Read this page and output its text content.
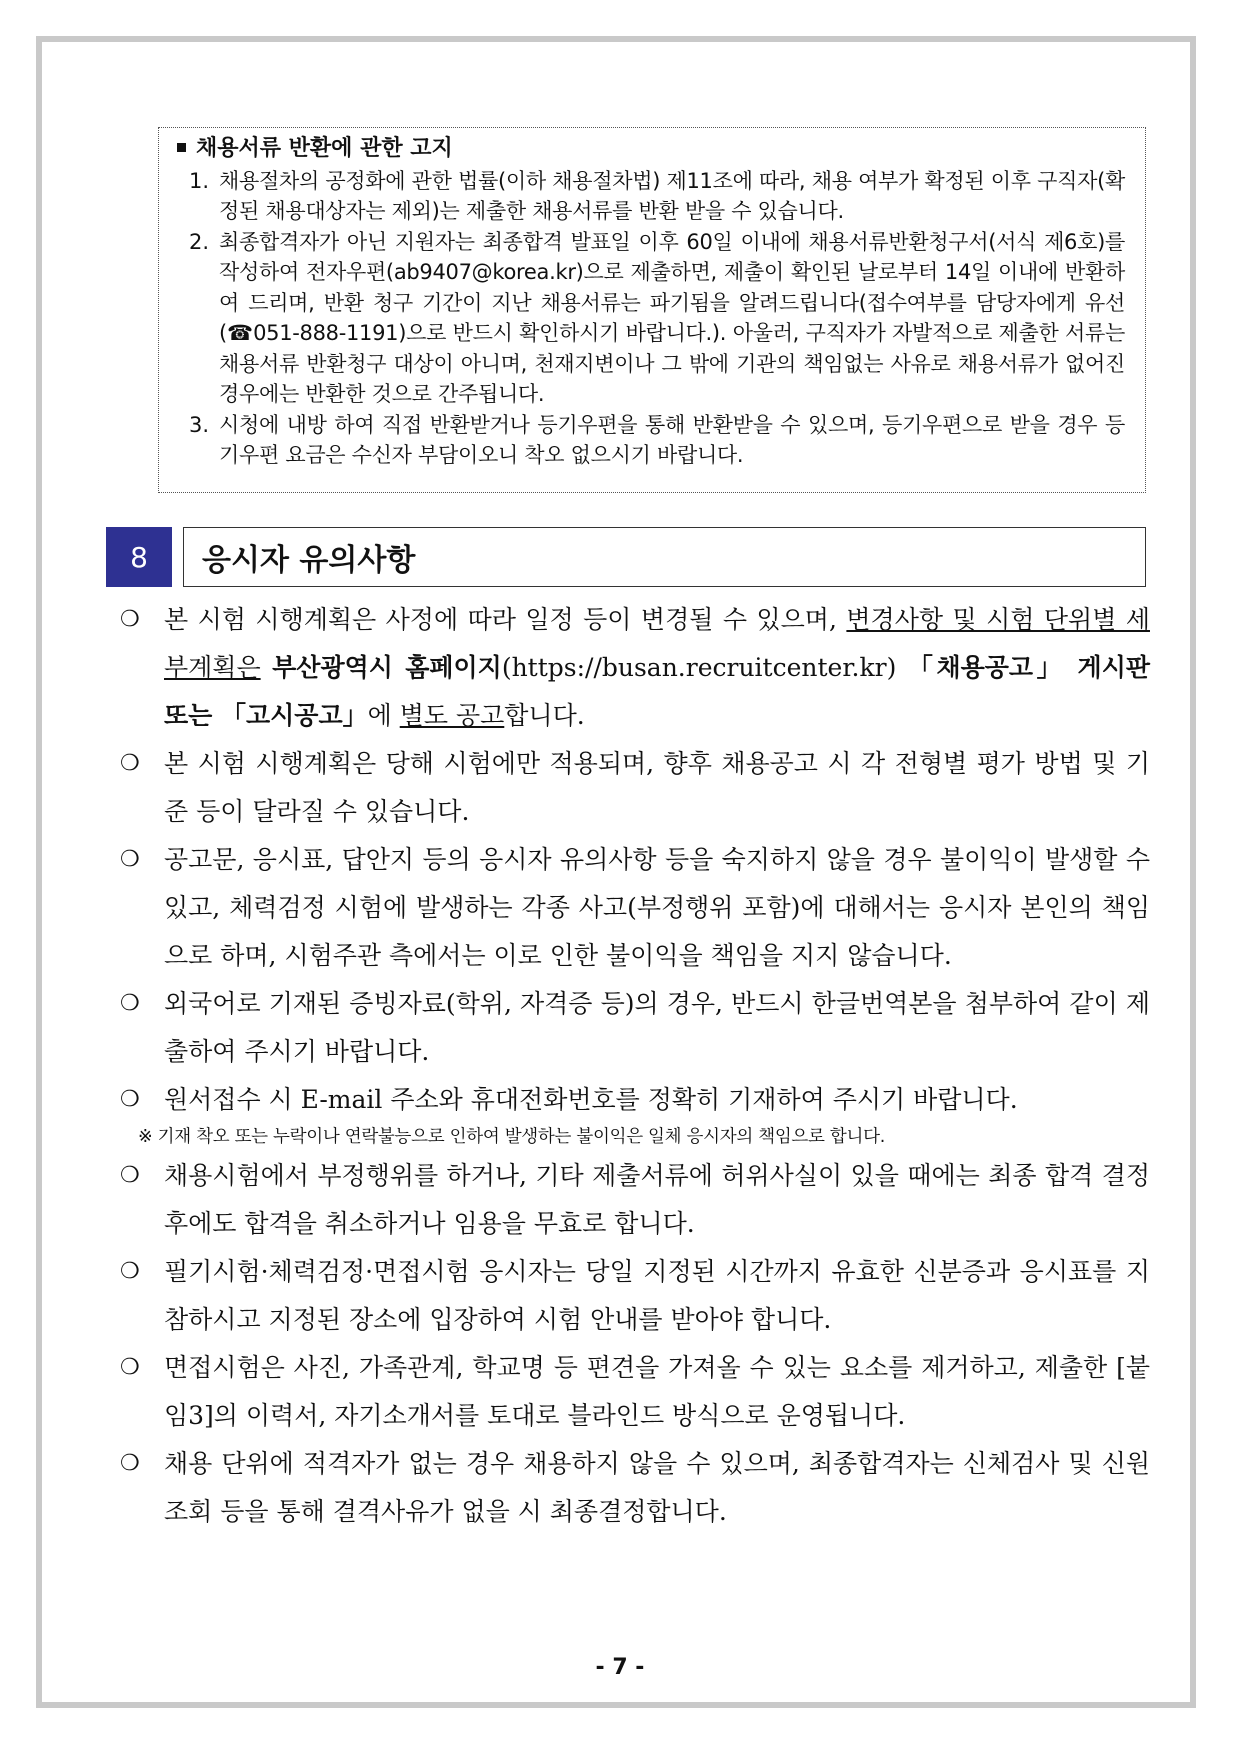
채용서류 반환에 관한 고지
1. 채용절차의 공정화에 관한 법률(이하 채용절차법) 제11조에 따라, 채용 여부가 확정된 이후 구직자(확정된 채용대상자는 제외)는 제출한 채용서류를 반환 받을 수 있습니다.
2. 최종합격자가 아닌 지원자는 최종합격 발표일 이후 60일 이내에 채용서류반환청구서(서식 제6호)를 작성하여 전자우편(ab9407@korea.kr)으로 제출하면, 제출이 확인된 날로부터 14일 이내에 반환하여 드리며, 반환 청구 기간이 지난 채용서류는 파기됨을 알려드립니다(접수여부를 담당자에게 유선(☎051-888-1191)으로 반드시 확인하시기 바랍니다.). 아울러, 구직자가 자발적으로 제출한 서류는 채용서류 반환청구 대상이 아니며, 천재지변이나 그 밖에 기관의 책임없는 사유로 채용서류가 없어진 경우에는 반환한 것으로 간주됩니다.
3. 시청에 내방 하여 직접 반환받거나 등기우편을 통해 반환받을 수 있으며, 등기우편으로 받을 경우 등기우편 요금은 수신자 부담이오니 착오 없으시기 바랍니다.
8	응시자 유의사항
❍ 본 시험 시행계획은 사정에 따라 일정 등이 변경될 수 있으며, 변경사항 및 시험 단위별 세부계획은 부산광역시 홈페이지(https://busan.recruitcenter.kr) 「채용공고」 게시판 또는 「고시공고」에 별도 공고합니다.
❍ 본 시험 시행계획은 당해 시험에만 적용되며, 향후 채용공고 시 각 전형별 평가 방법 및 기준 등이 달라질 수 있습니다.
❍ 공고문, 응시표, 답안지 등의 응시자 유의사항 등을 숙지하지 않을 경우 불이익이 발생할 수 있고, 체력검정 시험에 발생하는 각종 사고(부정행위 포함)에 대해서는 응시자 본인의 책임으로 하며, 시험주관 측에서는 이로 인한 불이익을 책임을 지지 않습니다.
❍ 외국어로 기재된 증빙자료(학위, 자격증 등)의 경우, 반드시 한글번역본을 첨부하여 같이 제출하여 주시기 바랍니다.
❍ 원서접수 시 E-mail 주소와 휴대전화번호를 정확히 기재하여 주시기 바랍니다.
※ 기재 착오 또는 누락이나 연락불능으로 인하여 발생하는 불이익은 일체 응시자의 책임으로 합니다.
❍ 채용시험에서 부정행위를 하거나, 기타 제출서류에 허위사실이 있을 때에는 최종 합격 결정 후에도 합격을 취소하거나 임용을 무효로 합니다.
❍ 필기시험·체력검정·면접시험 응시자는 당일 지정된 시간까지 유효한 신분증과 응시표를 지참하시고 지정된 장소에 입장하여 시험 안내를 받아야 합니다.
❍ 면접시험은 사진, 가족관계, 학교명 등 편견을 가져올 수 있는 요소를 제거하고, 제출한 [붙임3]의 이력서, 자기소개서를 토대로 블라인드 방식으로 운영됩니다.
❍ 채용 단위에 적격자가 없는 경우 채용하지 않을 수 있으며, 최종합격자는 신체검사 및 신원조회 등을 통해 결격사유가 없을 시 최종결정합니다.
- 7 -
